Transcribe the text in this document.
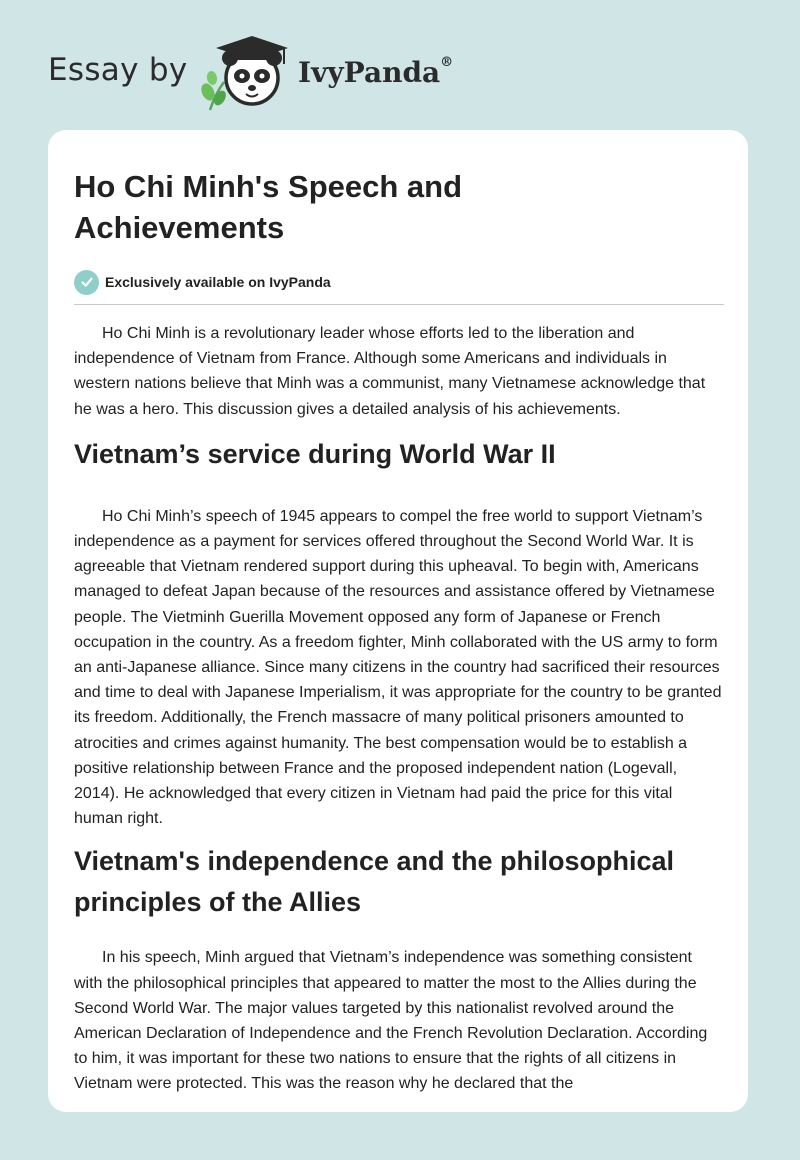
Essay by	IvyPanda®
Ho Chi Minh's Speech and Achievements
Exclusively available on IvyPanda

Ho Chi Minh is a revolutionary leader whose efforts led to the liberation and independence of Vietnam from France. Although some Americans and individuals in western nations believe that Minh was a communist, many Vietnamese acknowledge that he was a hero. This discussion gives a detailed analysis of his achievements.

Vietnam’s service during World War II

Ho Chi Minh’s speech of 1945 appears to compel the free world to support Vietnam’s independence as a payment for services offered throughout the Second World War. It is agreeable that Vietnam rendered support during this upheaval. To begin with, Americans managed to defeat Japan because of the resources and assistance offered by Vietnamese people. The Vietminh Guerilla Movement opposed any form of Japanese or French occupation in the country. As a freedom fighter, Minh collaborated with the US army to form an anti-Japanese alliance. Since many citizens in the country had sacrificed their resources and time to deal with Japanese Imperialism, it was appropriate for the country to be granted its freedom. Additionally, the French massacre of many political prisoners amounted to atrocities and crimes against humanity. The best compensation would be to establish a positive relationship between France and the proposed independent nation (Logevall, 2014). He acknowledged that every citizen in Vietnam had paid the price for this vital human right.

Vietnam's independence and the philosophical principles of the Allies

In his speech, Minh argued that Vietnam’s independence was something consistent with the philosophical principles that appeared to matter the most to the Allies during the Second World War. The major values targeted by this nationalist revolved around the American Declaration of Independence and the French Revolution Declaration. According to him, it was important for these two nations to ensure that the rights of all citizens in Vietnam were protected. This was the reason why he declared that the
